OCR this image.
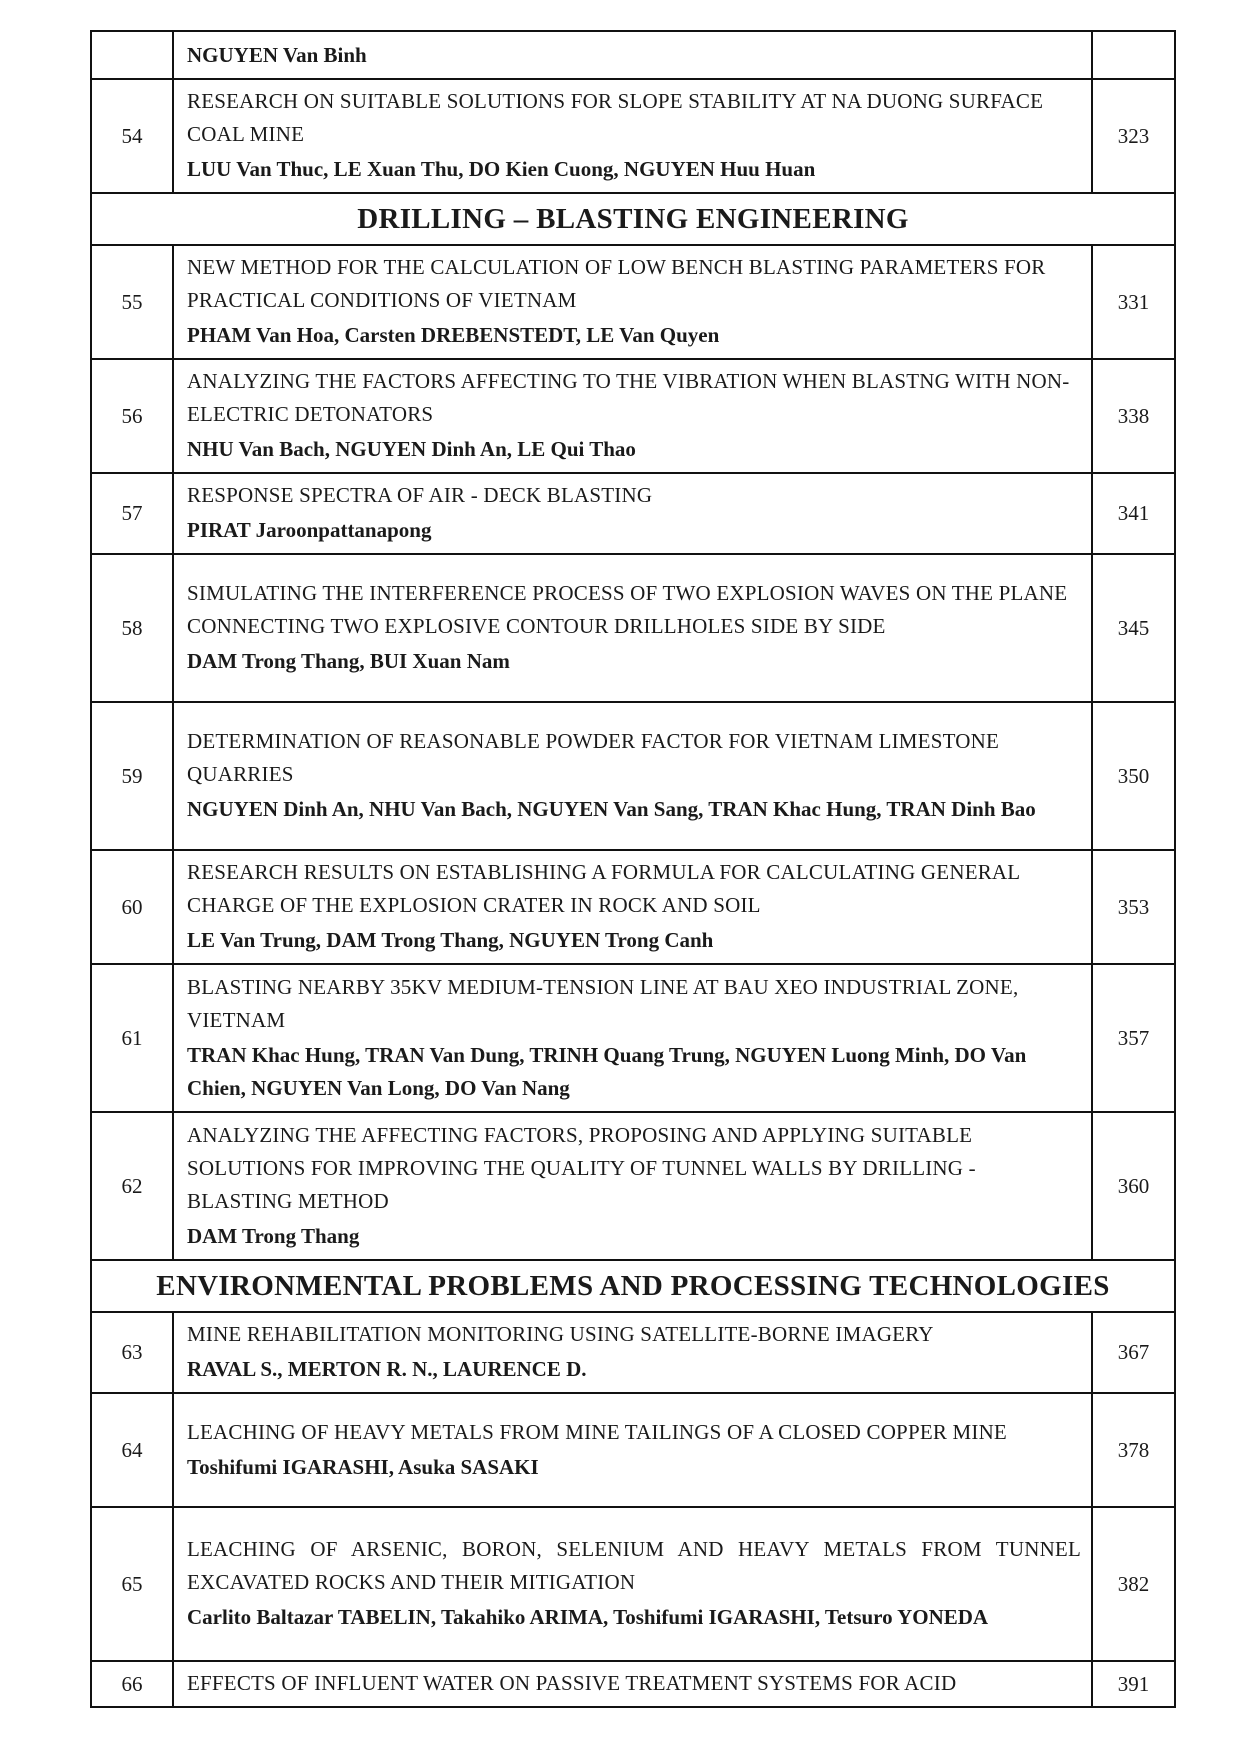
	NGUYEN Van Binh	

54	RESEARCH ON SUITABLE SOLUTIONS FOR SLOPE STABILITY AT NA DUONG SURFACE COAL MINE
LUU Van Thuc, LE Xuan Thu, DO Kien Cuong, NGUYEN Huu Huan	323
DRILLING – BLASTING ENGINEERING		
55	NEW METHOD FOR THE CALCULATION OF LOW BENCH BLASTING PARAMETERS FOR PRACTICAL CONDITIONS OF VIETNAM
PHAM Van Hoa, Carsten DREBENSTEDT, LE Van Quyen	331
56	ANALYZING THE FACTORS AFFECTING TO THE VIBRATION WHEN BLASTNG WITH NON-ELECTRIC DETONATORS
NHU Van Bach, NGUYEN Dinh An, LE Qui Thao	338
57	RESPONSE SPECTRA OF AIR - DECK BLASTING
PIRAT Jaroonpattanapong	341
58	SIMULATING THE INTERFERENCE PROCESS OF TWO EXPLOSION WAVES ON THE PLANE CONNECTING TWO EXPLOSIVE CONTOUR DRILLHOLES SIDE BY SIDE
DAM Trong Thang, BUI Xuan Nam	345
59	DETERMINATION OF REASONABLE POWDER FACTOR FOR VIETNAM LIMESTONE QUARRIES
NGUYEN Dinh An, NHU Van Bach, NGUYEN Van Sang, TRAN Khac Hung, TRAN Dinh Bao	350
60	RESEARCH RESULTS ON ESTABLISHING A FORMULA FOR CALCULATING GENERAL CHARGE OF THE EXPLOSION CRATER IN ROCK AND SOIL
LE Van Trung, DAM Trong Thang, NGUYEN Trong Canh	353
61	BLASTING NEARBY 35KV MEDIUM-TENSION LINE AT BAU XEO INDUSTRIAL ZONE, VIETNAM
TRAN Khac Hung, TRAN Van Dung, TRINH Quang Trung, NGUYEN Luong Minh, DO Van Chien, NGUYEN Van Long, DO Van Nang	357
62	ANALYZING THE AFFECTING FACTORS, PROPOSING AND APPLYING SUITABLE SOLUTIONS FOR IMPROVING THE QUALITY OF TUNNEL WALLS BY DRILLING - BLASTING METHOD
DAM Trong Thang	360
ENVIRONMENTAL PROBLEMS AND PROCESSING TECHNOLOGIES		
63	MINE REHABILITATION MONITORING USING SATELLITE-BORNE IMAGERY
RAVAL S., MERTON R. N., LAURENCE D.	367
64	LEACHING OF HEAVY METALS FROM MINE TAILINGS OF A CLOSED COPPER MINE
Toshifumi IGARASHI, Asuka SASAKI	378
65	LEACHING OF ARSENIC, BORON, SELENIUM AND HEAVY METALS FROM TUNNEL EXCAVATED ROCKS AND THEIR MITIGATION
Carlito Baltazar TABELIN, Takahiko ARIMA, Toshifumi IGARASHI, Tetsuro YONEDA	382
66	EFFECTS OF INFLUENT WATER ON PASSIVE TREATMENT SYSTEMS FOR ACID	391
